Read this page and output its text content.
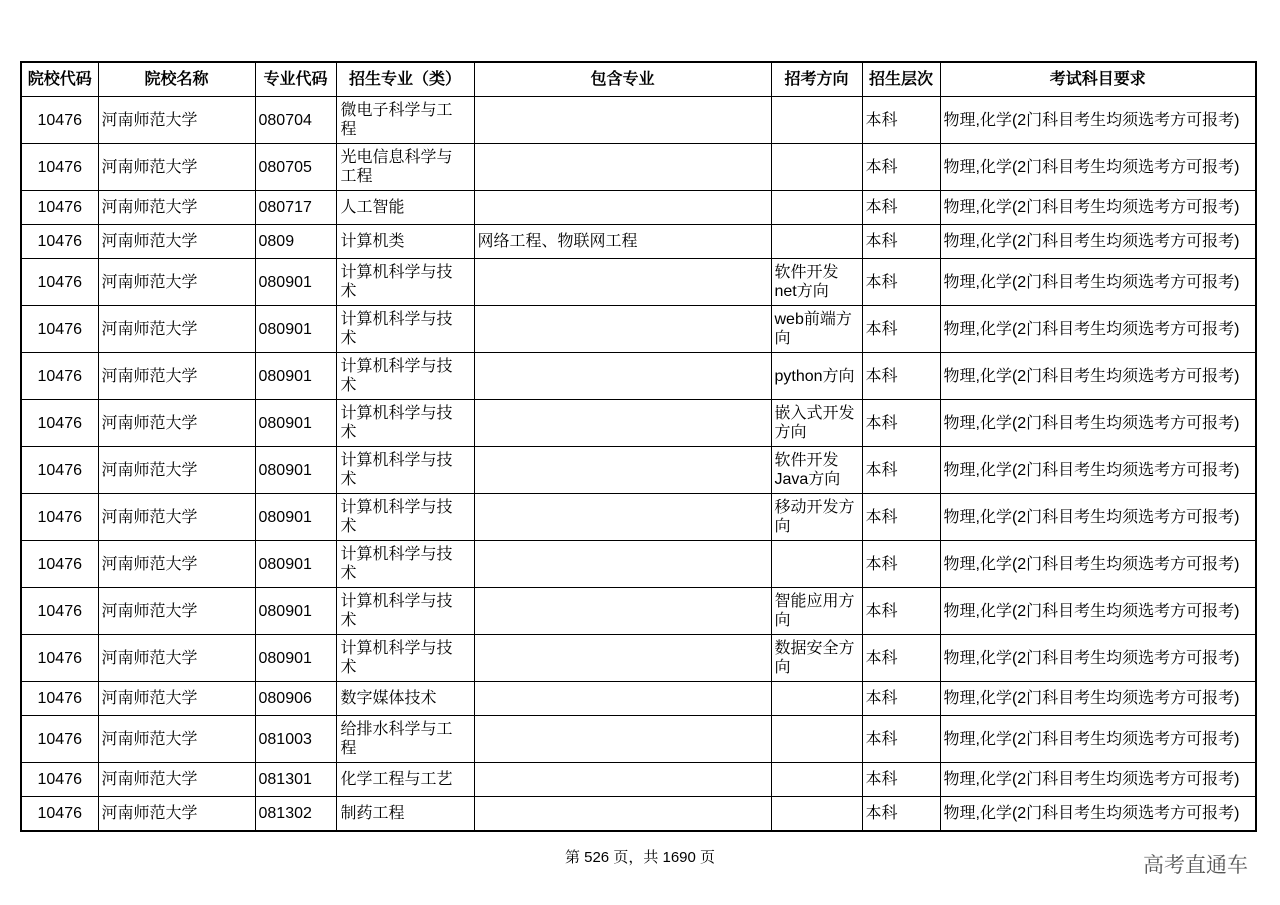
院校代码	院校名称	专业代码	招生专业（类）	包含专业	招考方向	招生层次	考试科目要求
10476	河南师范大学	080704	微电子科学与工程			本科	物理,化学(2门科目考生均须选考方可报考)
10476	河南师范大学	080705	光电信息科学与工程			本科	物理,化学(2门科目考生均须选考方可报考)
10476	河南师范大学	080717	人工智能			本科	物理,化学(2门科目考生均须选考方可报考)
10476	河南师范大学	0809	计算机类	网络工程、物联网工程		本科	物理,化学(2门科目考生均须选考方可报考)
10476	河南师范大学	080901	计算机科学与技术		软件开发net方向	本科	物理,化学(2门科目考生均须选考方可报考)
10476	河南师范大学	080901	计算机科学与技术		web前端方向	本科	物理,化学(2门科目考生均须选考方可报考)
10476	河南师范大学	080901	计算机科学与技术		python方向	本科	物理,化学(2门科目考生均须选考方可报考)
10476	河南师范大学	080901	计算机科学与技术		嵌入式开发方向	本科	物理,化学(2门科目考生均须选考方可报考)
10476	河南师范大学	080901	计算机科学与技术		软件开发Java方向	本科	物理,化学(2门科目考生均须选考方可报考)
10476	河南师范大学	080901	计算机科学与技术		移动开发方向	本科	物理,化学(2门科目考生均须选考方可报考)
10476	河南师范大学	080901	计算机科学与技术			本科	物理,化学(2门科目考生均须选考方可报考)
10476	河南师范大学	080901	计算机科学与技术		智能应用方向	本科	物理,化学(2门科目考生均须选考方可报考)
10476	河南师范大学	080901	计算机科学与技术		数据安全方向	本科	物理,化学(2门科目考生均须选考方可报考)
10476	河南师范大学	080906	数字媒体技术			本科	物理,化学(2门科目考生均须选考方可报考)
10476	河南师范大学	081003	给排水科学与工程			本科	物理,化学(2门科目考生均须选考方可报考)
10476	河南师范大学	081301	化学工程与工艺			本科	物理,化学(2门科目考生均须选考方可报考)
10476	河南师范大学	081302	制药工程			本科	物理,化学(2门科目考生均须选考方可报考)
第 526 页，共 1690 页	高考直通车
